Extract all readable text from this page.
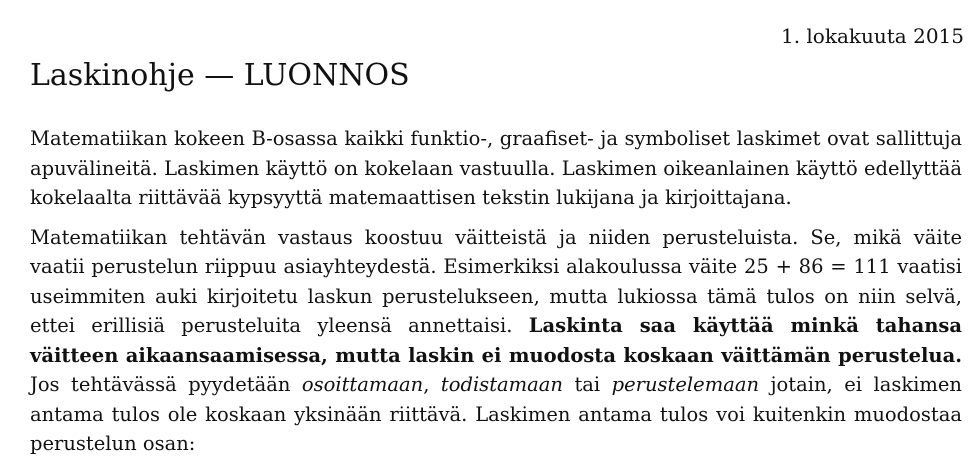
1. lokakuuta 2015
Laskinohje — LUONNOS

Matematiikan kokeen B-osassa kaikki funktio-, graafiset- ja symboliset laskimet ovat sallittuja apuvälineitä. Laskimen käyttö on kokelaan vastuulla. Laskimen oikeanlainen käyttö edellyttää kokelaalta riittävää kypsyyttä matemaattisen tekstin lukijana ja kirjoittajana.

Matematiikan tehtävän vastaus koostuu väitteistä ja niiden perusteluista. Se, mikä väite vaatii perustelun riippuu asiayhteydestä. Esimerkiksi alakoulussa väite 25 + 86 = 111 vaatisi useimmiten auki kirjoitetu laskun perustelukseen, mutta lukiossa tämä tulos on niin selvä, ettei erillisiä perusteluita yleensä annettaisi. Laskinta saa käyttää minkä tahansa väitteen aikaansaamisessa, mutta laskin ei muodosta koskaan väittämän perustelua. Jos tehtävässä pyydetään osoittamaan, todistamaan tai perustelemaan jotain, ei laskimen antama tulos ole koskaan yksinään riittävä. Laskimen antama tulos voi kuitenkin muodostaa perustelun osan:
